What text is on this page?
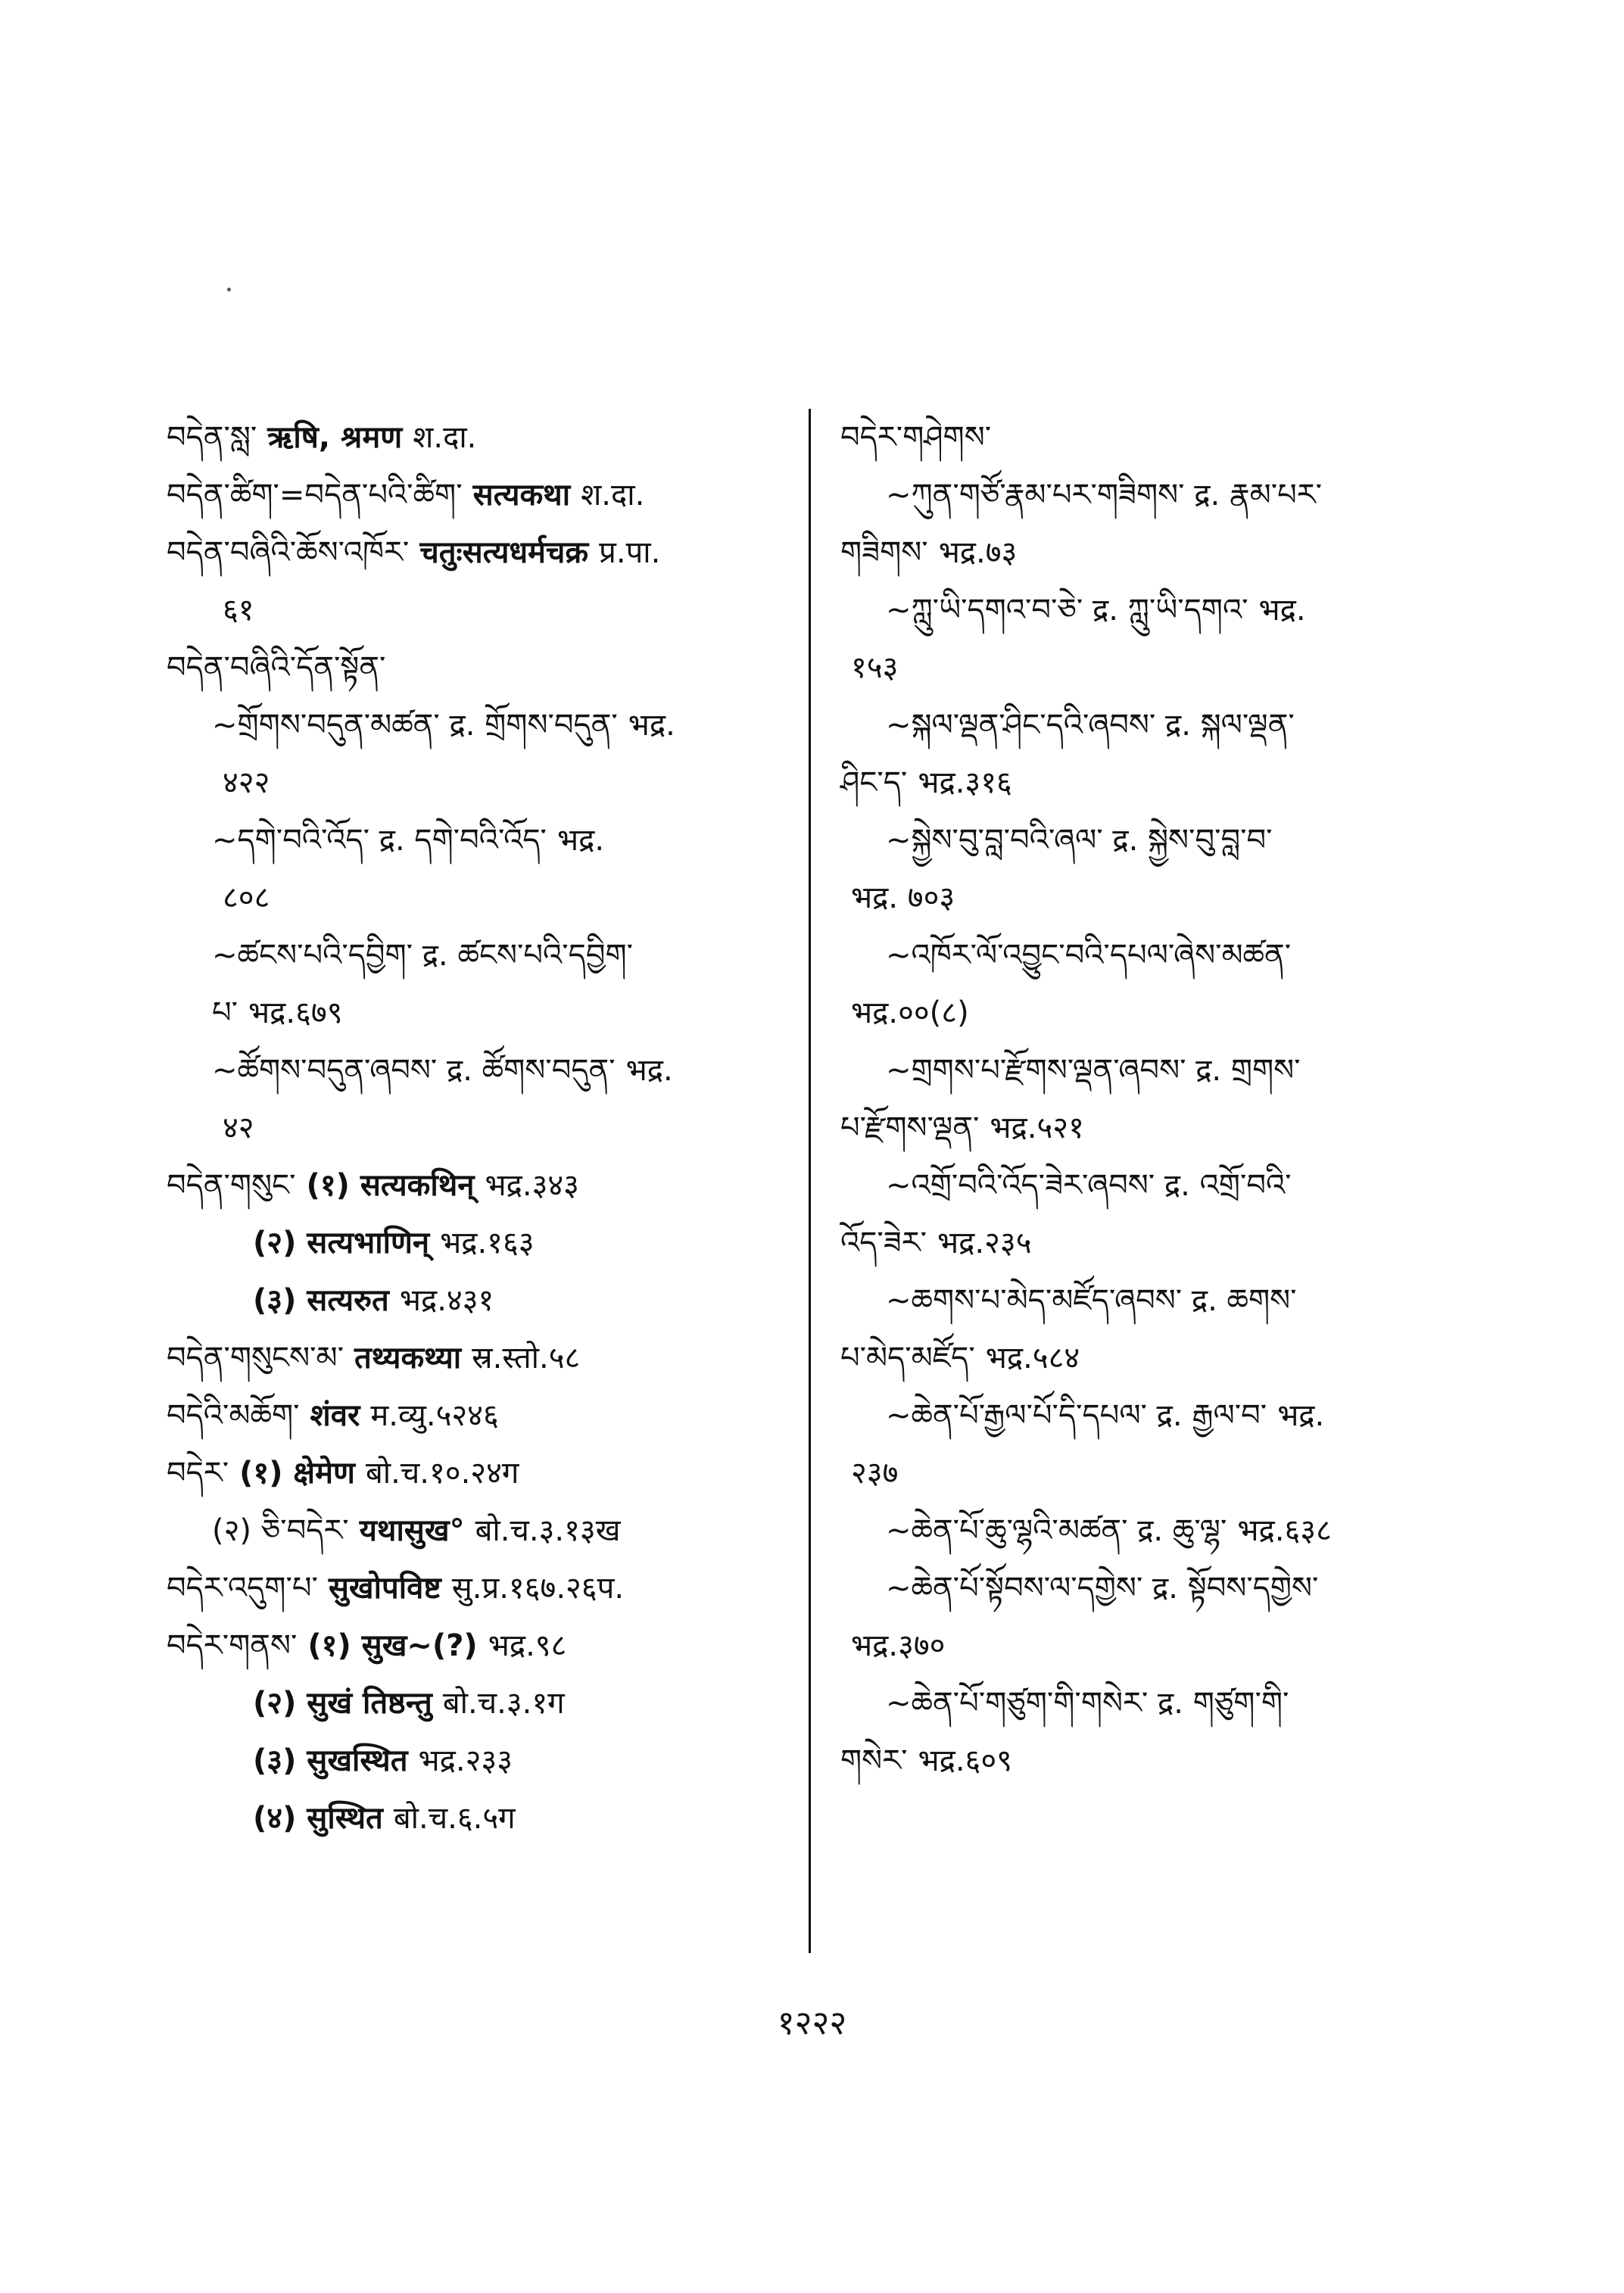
བདེན་སླ་ ऋषि, श्रमण श.दा.
བདེན་ཚིག་=བདེན་པའི་ཚིག་ सत्यकथा श.दा.
བདེན་བཞིའི་ཆོས་འཁོར་ चतुःसत्यधर्मचक्र प्र.पा.
६१
བདེན་བཞིའི་དོན་སྟོན་
~གྲོགས་བདུན་མཚན་ द्र. གྲོགས་བདུན་ भद्र.
४२२
~དགེ་བའི་འོད་ द्र. དགེ་བའི་འོད་ भद्र.
८०८
~ཚངས་པའི་དབྱིག་ द्र. ཚངས་པའི་དབྱིག་
པ་ भद्र.६७९
~ཚོགས་བདུན་ཞབས་ द्र. ཚོགས་བདུན་ भद्र.
४२
བདེན་གསུང་ (१) सत्यकथिन् भद्र.३४३
(२) सत्यभाणिन् भद्र.१६३
(३) सत्यरुत भद्र.४३१
བདེན་གསུངས་མ་ तथ्यकथ्या स्र.स्तो.५८
བདེའི་མཆོག་ शंवर म.व्यु.५२४६
བདེར་ (१) क्षेमेण बो.च.१०.२४ग
(२) ཅི་བདེར་ यथासुख° बो.च.३.१३ख
བདེར་འདུག་པ་ सुखोपविष्ट सु.प्र.१६७.२६प.
བདེར་གནས་ (१) सुख~(?) भद्र.९८
(२) सुखं तिष्ठन्तु बो.च.३.१ग
(३) सुखस्थित भद्र.२३३
(४) सुस्थित बो.च.६.५ग
བདེར་གཤེགས་
~ཀུན་གཙོ་རྣམ་པར་གཟིགས་ द्र. རྣམ་པར་
གཟིགས་ भद्र.७३
~ཀླུ་ཡི་དགའ་བ་ཅེ་ द्र. ཀླུ་ཡི་དགའ་ भद्र.
१५३
~སྐལ་ལྡན་ཤིང་དའི་ཞབས་ द्र. སྐལ་ལྡན་
ཤིང་ད་ भद्र.३१६
~སྐྱེས་བུ་བླ་བའི་ཞལ་ द्र. སྐྱེས་བུ་བླ་བ་
भद्र. ७०३
~འཁོར་ལོ་འབྱུང་བའི་དཔལ་ཞེས་མཚན་
भद्र.००(८)
~གྲགས་པ་རྫོགས་ལྡན་ཞབས་ द्र. གྲགས་
པ་རྫོགས་ལྡན་ भद्र.५२१
~འགྲོ་བའི་འོད་ཟེར་ཞབས་ द्र. འགྲོ་བའི་
འོད་ཟེར་ भद्र.२३५
~ཆགས་པ་མེད་མཛོད་ཞབས་ द्र. ཆགས་
པ་མེད་མཛོད་ भद्र.५८४
~ཆེན་པོ་རྒྱལ་པོ་དི་དཔལ་ द्र. རྒྱལ་བ་ भद्र.
२३७
~ཆེན་པོ་ཆུ་ལྷའི་མཚན་ द्र. ཆུ་ལྷ་ भद्र.६३८
~ཆེན་པོ་སྟོབས་ལ་དགྱེས་ द्र. སྟོབས་དགྱེས་
भद्र.३७०
~ཆེན་པོ་གཙུག་གི་གསེར་ द्र. གཙུག་གི་
གསེར་ भद्र.६०९
१२२२
